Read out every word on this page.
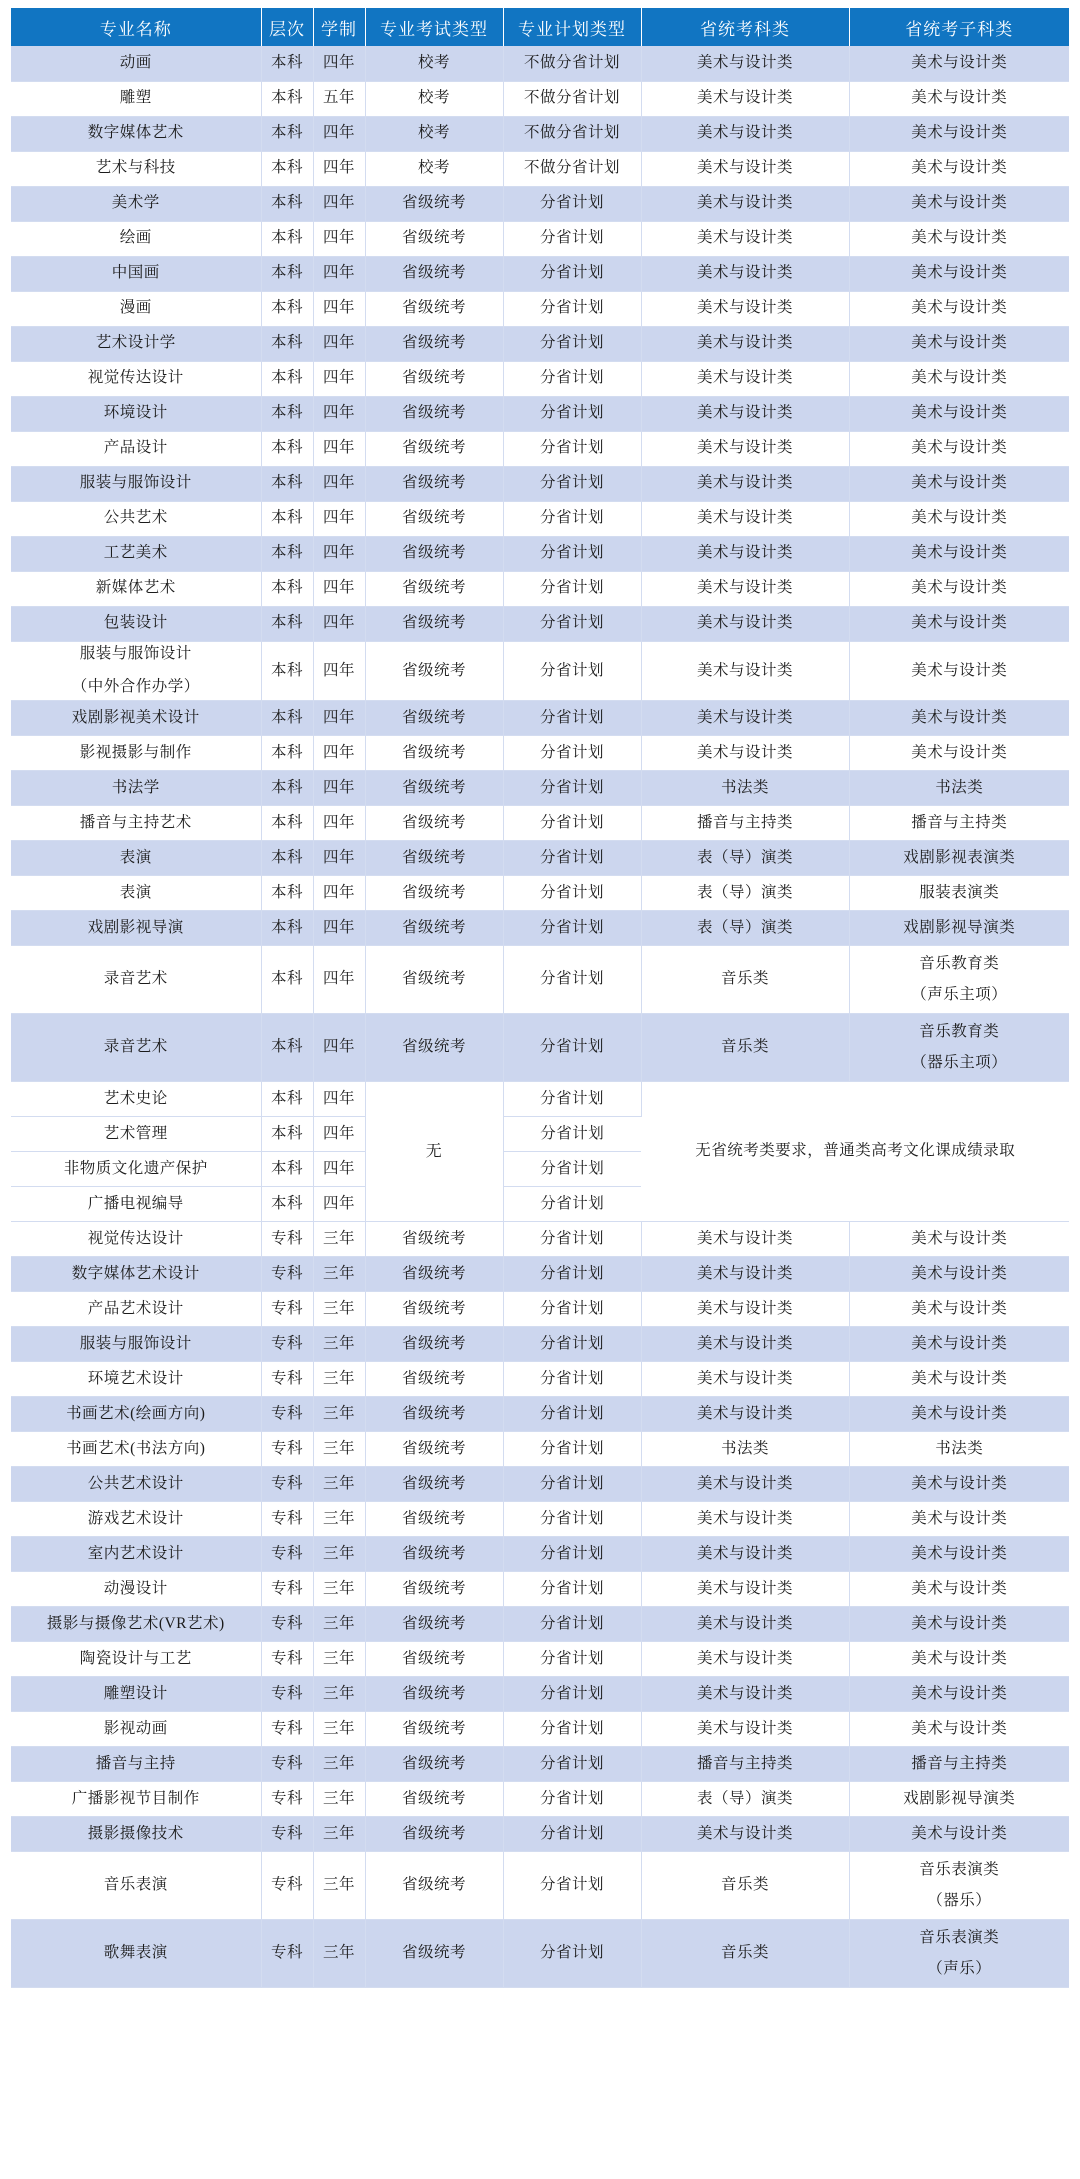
专业名称	层次	学制	专业考试类型	专业计划类型	省统考科类	省统考子科类
动画	本科	四年	校考	不做分省计划	美术与设计类	美术与设计类
雕塑	本科	五年	校考	不做分省计划	美术与设计类	美术与设计类
数字媒体艺术	本科	四年	校考	不做分省计划	美术与设计类	美术与设计类
艺术与科技	本科	四年	校考	不做分省计划	美术与设计类	美术与设计类
美术学	本科	四年	省级统考	分省计划	美术与设计类	美术与设计类
绘画	本科	四年	省级统考	分省计划	美术与设计类	美术与设计类
中国画	本科	四年	省级统考	分省计划	美术与设计类	美术与设计类
漫画	本科	四年	省级统考	分省计划	美术与设计类	美术与设计类
艺术设计学	本科	四年	省级统考	分省计划	美术与设计类	美术与设计类
视觉传达设计	本科	四年	省级统考	分省计划	美术与设计类	美术与设计类
环境设计	本科	四年	省级统考	分省计划	美术与设计类	美术与设计类
产品设计	本科	四年	省级统考	分省计划	美术与设计类	美术与设计类
服装与服饰设计	本科	四年	省级统考	分省计划	美术与设计类	美术与设计类
公共艺术	本科	四年	省级统考	分省计划	美术与设计类	美术与设计类
工艺美术	本科	四年	省级统考	分省计划	美术与设计类	美术与设计类
新媒体艺术	本科	四年	省级统考	分省计划	美术与设计类	美术与设计类
包装设计	本科	四年	省级统考	分省计划	美术与设计类	美术与设计类

服装与服饰设计
（中外合作办学）	本科	四年	省级统考	分省计划	美术与设计类	美术与设计类
戏剧影视美术设计	本科	四年	省级统考	分省计划	美术与设计类	美术与设计类
影视摄影与制作	本科	四年	省级统考	分省计划	美术与设计类	美术与设计类
书法学	本科	四年	省级统考	分省计划	书法类	书法类
播音与主持艺术	本科	四年	省级统考	分省计划	播音与主持类	播音与主持类
表演	本科	四年	省级统考	分省计划	表（导）演类	戏剧影视表演类
表演	本科	四年	省级统考	分省计划	表（导）演类	服装表演类
戏剧影视导演	本科	四年	省级统考	分省计划	表（导）演类	戏剧影视导演类
录音艺术	本科	四年	省级统考	分省计划	音乐类	音乐教育类
（声乐主项）

录音艺术	本科	四年	省级统考	分省计划	音乐类	音乐教育类
（器乐主项）

艺术史论	本科	四年	无	分省计划	无省统考类要求，普通类高考文化课成绩录取	
艺术管理	本科	四年		分省计划		
非物质文化遗产保护	本科	四年		分省计划		
广播电视编导	本科	四年		分省计划		
视觉传达设计	专科	三年	省级统考	分省计划	美术与设计类	美术与设计类
数字媒体艺术设计	专科	三年	省级统考	分省计划	美术与设计类	美术与设计类
产品艺术设计	专科	三年	省级统考	分省计划	美术与设计类	美术与设计类
服装与服饰设计	专科	三年	省级统考	分省计划	美术与设计类	美术与设计类
环境艺术设计	专科	三年	省级统考	分省计划	美术与设计类	美术与设计类
书画艺术(绘画方向)	专科	三年	省级统考	分省计划	美术与设计类	美术与设计类
书画艺术(书法方向)	专科	三年	省级统考	分省计划	书法类	书法类
公共艺术设计	专科	三年	省级统考	分省计划	美术与设计类	美术与设计类
游戏艺术设计	专科	三年	省级统考	分省计划	美术与设计类	美术与设计类
室内艺术设计	专科	三年	省级统考	分省计划	美术与设计类	美术与设计类
动漫设计	专科	三年	省级统考	分省计划	美术与设计类	美术与设计类
摄影与摄像艺术(VR艺术)	专科	三年	省级统考	分省计划	美术与设计类	美术与设计类
陶瓷设计与工艺	专科	三年	省级统考	分省计划	美术与设计类	美术与设计类
雕塑设计	专科	三年	省级统考	分省计划	美术与设计类	美术与设计类
影视动画	专科	三年	省级统考	分省计划	美术与设计类	美术与设计类
播音与主持	专科	三年	省级统考	分省计划	播音与主持类	播音与主持类
广播影视节目制作	专科	三年	省级统考	分省计划	表（导）演类	戏剧影视导演类
摄影摄像技术	专科	三年	省级统考	分省计划	美术与设计类	美术与设计类
音乐表演	专科	三年	省级统考	分省计划	音乐类	音乐表演类
（器乐）

歌舞表演	专科	三年	省级统考	分省计划	音乐类	音乐表演类
（声乐）
